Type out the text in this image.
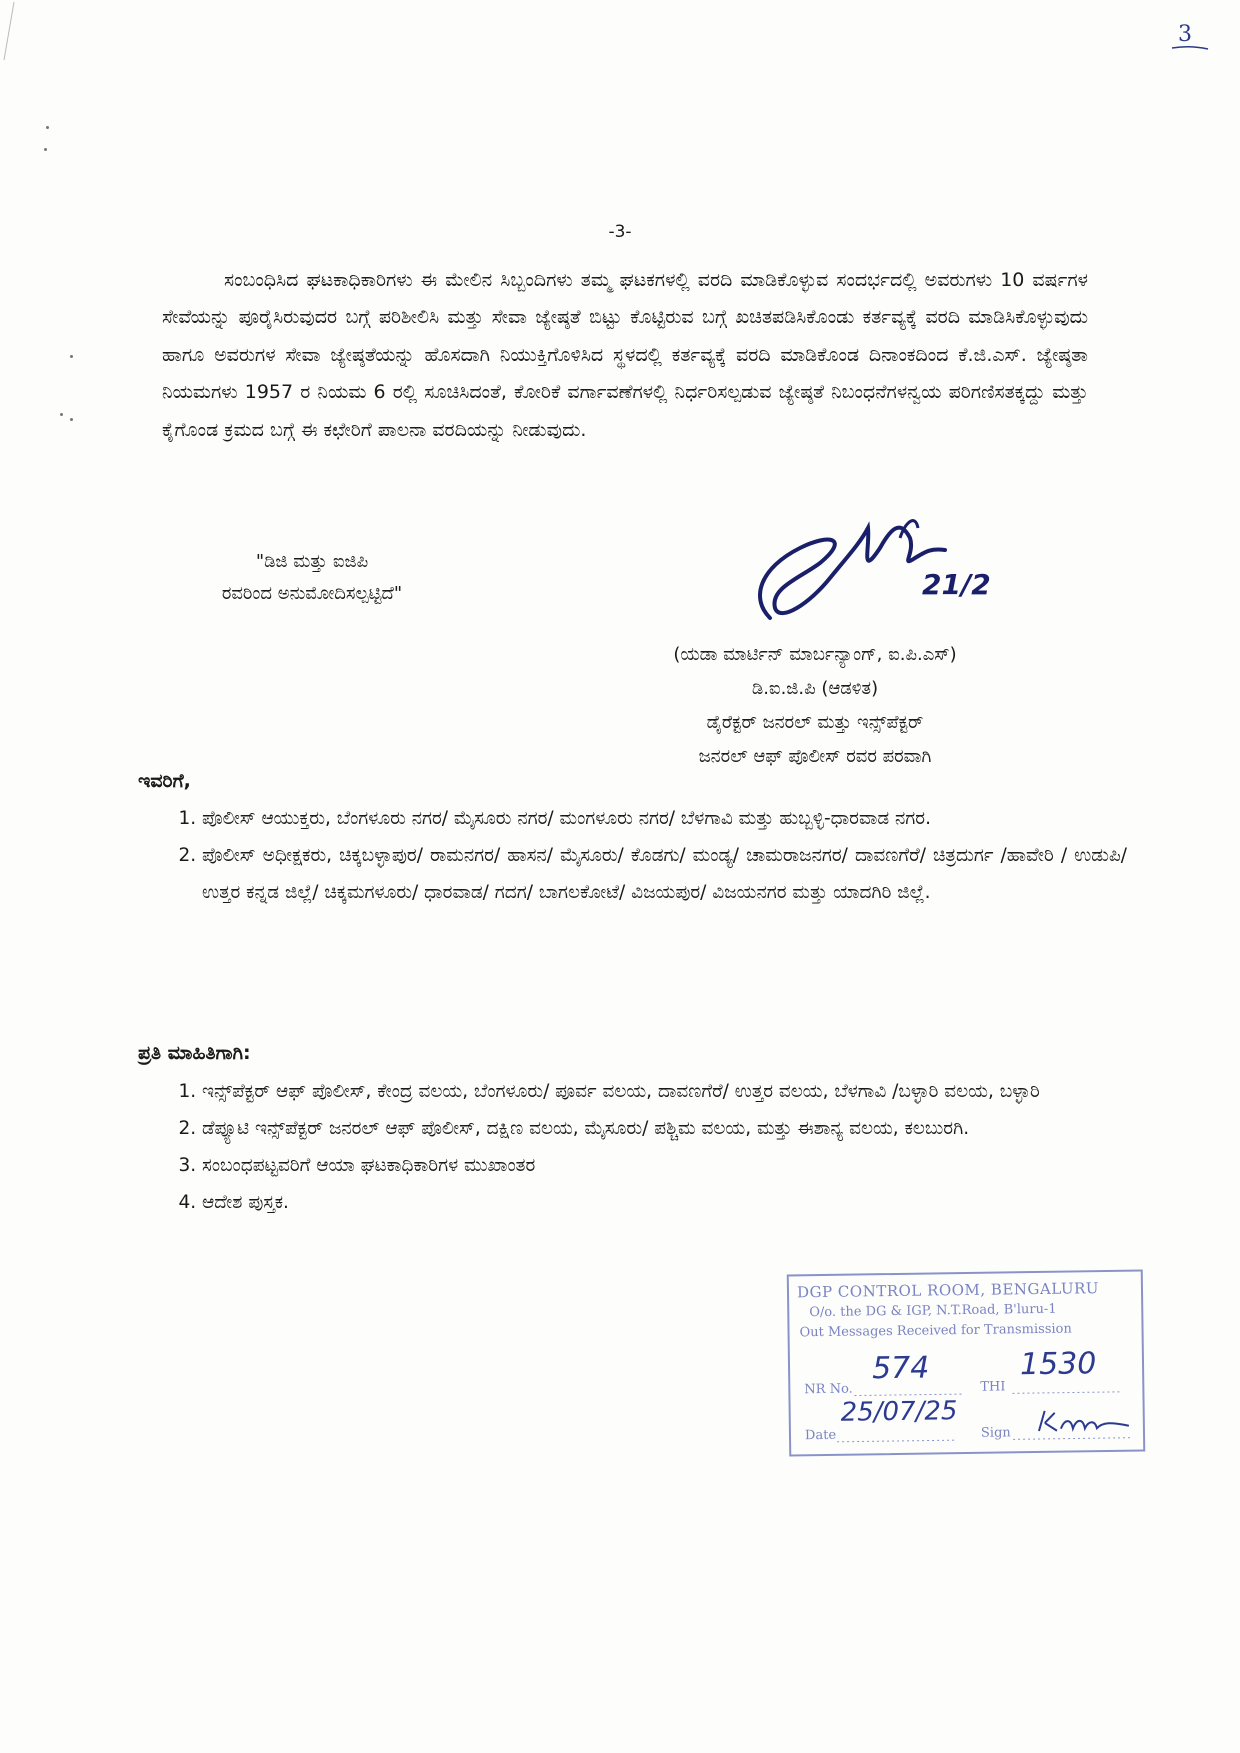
3
-3-

ಸಂಬಂಧಿಸಿದ ಘಟಕಾಧಿಕಾರಿಗಳು ಈ ಮೇಲಿನ ಸಿಬ್ಬಂದಿಗಳು ತಮ್ಮ ಘಟಕಗಳಲ್ಲಿ ವರದಿ ಮಾಡಿಕೊಳ್ಳುವ ಸಂದರ್ಭದಲ್ಲಿ ಅವರುಗಳು 10 ವರ್ಷಗಳ ಸೇವೆಯನ್ನು ಪೂರೈಸಿರುವುದರ ಬಗ್ಗೆ ಪರಿಶೀಲಿಸಿ ಮತ್ತು ಸೇವಾ ಜ್ಯೇಷ್ಠತೆ ಬಿಟ್ಟು ಕೊಟ್ಟಿರುವ ಬಗ್ಗೆ ಖಚಿತಪಡಿಸಿಕೊಂಡು ಕರ್ತವ್ಯಕ್ಕೆ ವರದಿ ಮಾಡಿಸಿಕೊಳ್ಳುವುದು ಹಾಗೂ ಅವರುಗಳ ಸೇವಾ ಜ್ಯೇಷ್ಠತೆಯನ್ನು ಹೊಸದಾಗಿ ನಿಯುಕ್ತಿಗೊಳಿಸಿದ ಸ್ಥಳದಲ್ಲಿ ಕರ್ತವ್ಯಕ್ಕೆ ವರದಿ ಮಾಡಿಕೊಂಡ ದಿನಾಂಕದಿಂದ ಕೆ.ಜಿ.ಎಸ್. ಜ್ಯೇಷ್ಠತಾ ನಿಯಮಗಳು 1957 ರ ನಿಯಮ 6 ರಲ್ಲಿ ಸೂಚಿಸಿದಂತೆ, ಕೋರಿಕೆ ವರ್ಗಾವಣೆಗಳಲ್ಲಿ ನಿರ್ಧರಿಸಲ್ಪಡುವ ಜ್ಯೇಷ್ಠತೆ ನಿಬಂಧನೆಗಳನ್ವಯ ಪರಿಗಣಿಸತಕ್ಕದ್ದು ಮತ್ತು ಕೈಗೊಂಡ ಕ್ರಮದ ಬಗ್ಗೆ ಈ ಕಛೇರಿಗೆ ಪಾಲನಾ ವರದಿಯನ್ನು ನೀಡುವುದು.

"ಡಿಜಿ ಮತ್ತು ಐಜಿಪಿ
ರವರಿಂದ ಅನುಮೋದಿಸಲ್ಪಟ್ಟಿದೆ"	21/2
(ಯಡಾ ಮಾರ್ಟಿನ್ ಮಾರ್ಬನ್ಯಾಂಗ್, ಐ.ಪಿ.ಎಸ್)
ಡಿ.ಐ.ಜಿ.ಪಿ (ಆಡಳಿತ)
ಡೈರೆಕ್ಟರ್ ಜನರಲ್ ಮತ್ತು ಇನ್ಸ್‌ಪೆಕ್ಟರ್
ಜನರಲ್ ಆಫ್ ಪೊಲೀಸ್ ರವರ ಪರವಾಗಿ
ಇವರಿಗೆ,
1. ಪೊಲೀಸ್ ಆಯುಕ್ತರು, ಬೆಂಗಳೂರು ನಗರ/ ಮೈಸೂರು ನಗರ/ ಮಂಗಳೂರು ನಗರ/ ಬೆಳಗಾವಿ ಮತ್ತು ಹುಬ್ಬಳ್ಳಿ-ಧಾರವಾಡ ನಗರ.
2. ಪೊಲೀಸ್ ಅಧೀಕ್ಷಕರು, ಚಿಕ್ಕಬಳ್ಳಾಪುರ/ ರಾಮನಗರ/ ಹಾಸನ/ ಮೈಸೂರು/ ಕೊಡಗು/ ಮಂಡ್ಯ/ ಚಾಮರಾಜನಗರ/ ದಾವಣಗೆರೆ/ ಚಿತ್ರದುರ್ಗ /ಹಾವೇರಿ / ಉಡುಪಿ/ ಉತ್ತರ ಕನ್ನಡ ಜಿಲ್ಲೆ/ ಚಿಕ್ಕಮಗಳೂರು/ ಧಾರವಾಡ/ ಗದಗ/ ಬಾಗಲಕೋಟೆ/ ವಿಜಯಪುರ/ ವಿಜಯನಗರ ಮತ್ತು ಯಾದಗಿರಿ ಜಿಲ್ಲೆ.
ಪ್ರತಿ ಮಾಹಿತಿಗಾಗಿ:
1. ಇನ್ಸ್‌ಪೆಕ್ಟರ್ ಆಫ್ ಪೊಲೀಸ್, ಕೇಂದ್ರ ವಲಯ, ಬೆಂಗಳೂರು/ ಪೂರ್ವ ವಲಯ, ದಾವಣಗೆರೆ/ ಉತ್ತರ ವಲಯ, ಬೆಳಗಾವಿ /ಬಳ್ಳಾರಿ ವಲಯ, ಬಳ್ಳಾರಿ
2. ಡೆಪ್ಯೂಟಿ ಇನ್ಸ್‌ಪೆಕ್ಟರ್ ಜನರಲ್ ಆಫ್ ಪೊಲೀಸ್, ದಕ್ಷಿಣ ವಲಯ, ಮೈಸೂರು/ ಪಶ್ಚಿಮ ವಲಯ, ಮತ್ತು ಈಶಾನ್ಯ ವಲಯ, ಕಲಬುರಗಿ.
3. ಸಂಬಂಧಪಟ್ಟವರಿಗೆ ಆಯಾ ಘಟಕಾಧಿಕಾರಿಗಳ ಮುಖಾಂತರ
4. ಆದೇಶ ಪುಸ್ತಕ.
DGP CONTROL ROOM, BENGALURU
O/o. the DG & IGP, N.T.Road, B'luru-1
Out Messages Received for Transmission
NR No.
574
THI
1530
Date
25/07/25
Sign
